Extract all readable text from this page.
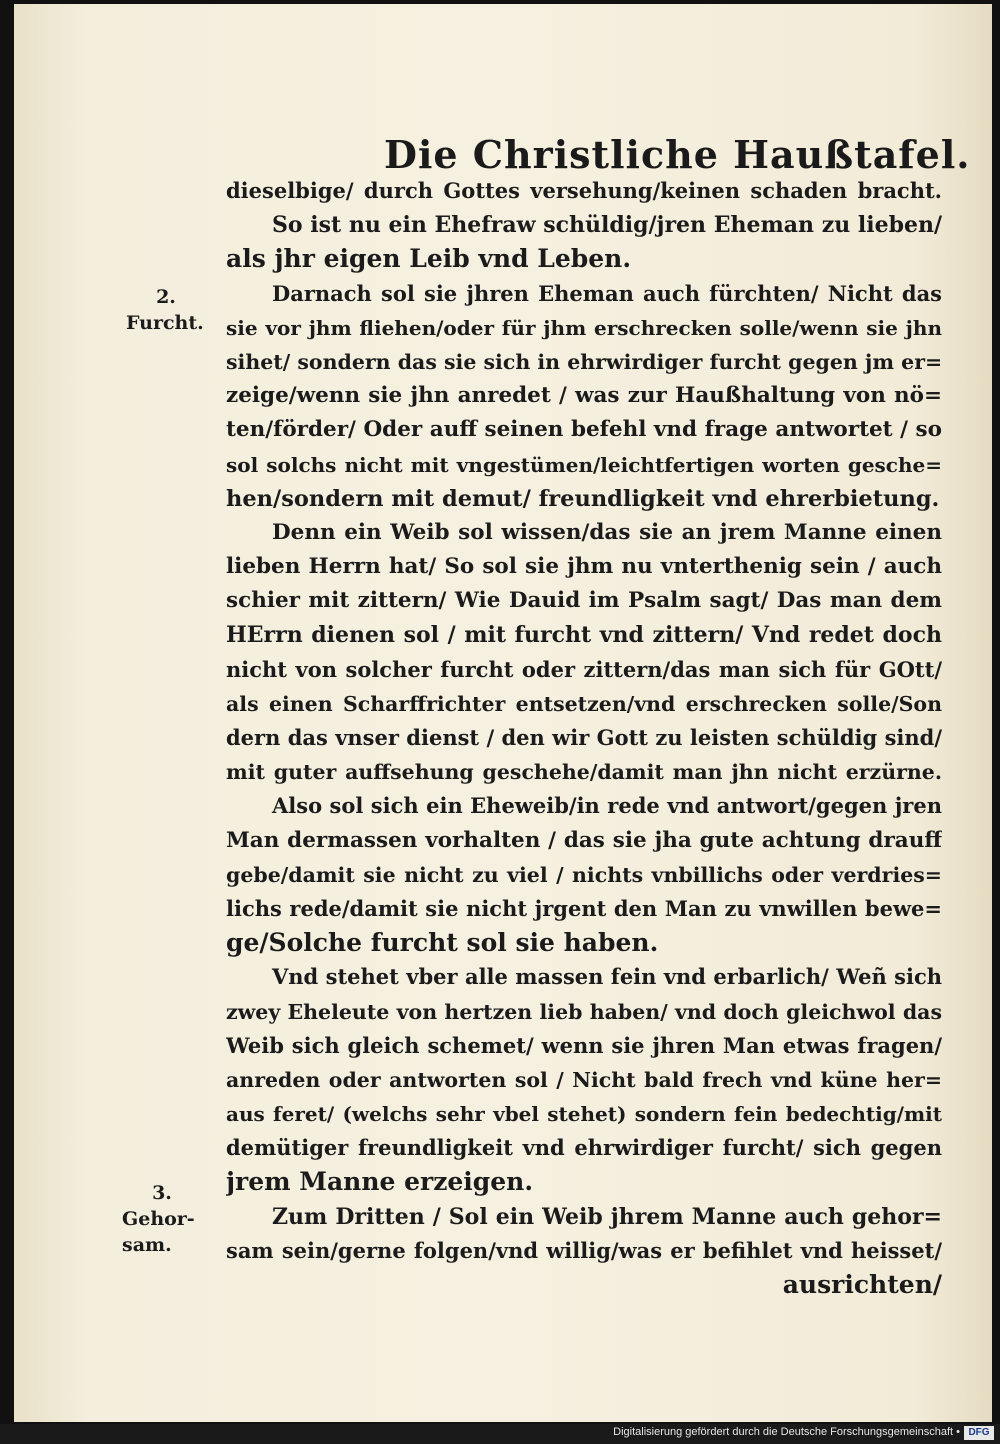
Die Christliche Haußtafel.
2.
Furcht.
3.
Gehor-
sam.
dieselbige/ durch Gottes versehung/keinen schaden bracht.
So ist nu ein Ehefraw schüldig/jren Eheman zu lieben/
als jhr eigen Leib vnd Leben.
Darnach sol sie jhren Eheman auch fürchten/ Nicht das
sie vor jhm fliehen/oder für jhm erschrecken solle/wenn sie jhn
sihet/ sondern das sie sich in ehrwirdiger furcht gegen jm er=
zeige/wenn sie jhn anredet / was zur Haußhaltung von nö=
ten/förder/ Oder auff seinen befehl vnd frage antwortet / so
sol solchs nicht mit vngestümen/leichtfertigen worten gesche=
hen/sondern mit demut/ freundligkeit vnd ehrerbietung.
Denn ein Weib sol wissen/das sie an jrem Manne einen
lieben Herrn hat/ So sol sie jhm nu vnterthenig sein / auch
schier mit zittern/ Wie Dauid im Psalm sagt/ Das man dem
HErrn dienen sol / mit furcht vnd zittern/ Vnd redet doch
nicht von solcher furcht oder zittern/das man sich für GOtt/
als einen Scharffrichter entsetzen/vnd erschrecken solle/Son
dern das vnser dienst / den wir Gott zu leisten schüldig sind/
mit guter auffsehung geschehe/damit man jhn nicht erzürne.
Also sol sich ein Eheweib/in rede vnd antwort/gegen jren
Man dermassen vorhalten / das sie jha gute achtung drauff
gebe/damit sie nicht zu viel / nichts vnbillichs oder verdries=
lichs rede/damit sie nicht jrgent den Man zu vnwillen bewe=
ge/Solche furcht sol sie haben.
Vnd stehet vber alle massen fein vnd erbarlich/ Weñ sich
zwey Eheleute von hertzen lieb haben/ vnd doch gleichwol das
Weib sich gleich schemet/ wenn sie jhren Man etwas fragen/
anreden oder antworten sol / Nicht bald frech vnd küne her=
aus feret/ (welchs sehr vbel stehet) sondern fein bedechtig/mit
demütiger freundligkeit vnd ehrwirdiger furcht/ sich gegen
jrem Manne erzeigen.
Zum Dritten / Sol ein Weib jhrem Manne auch gehor=
sam sein/gerne folgen/vnd willig/was er befihlet vnd heisset/
ausrichten/
Digitalisierung gefördert durch die Deutsche Forschungsgemeinschaft • DFG
